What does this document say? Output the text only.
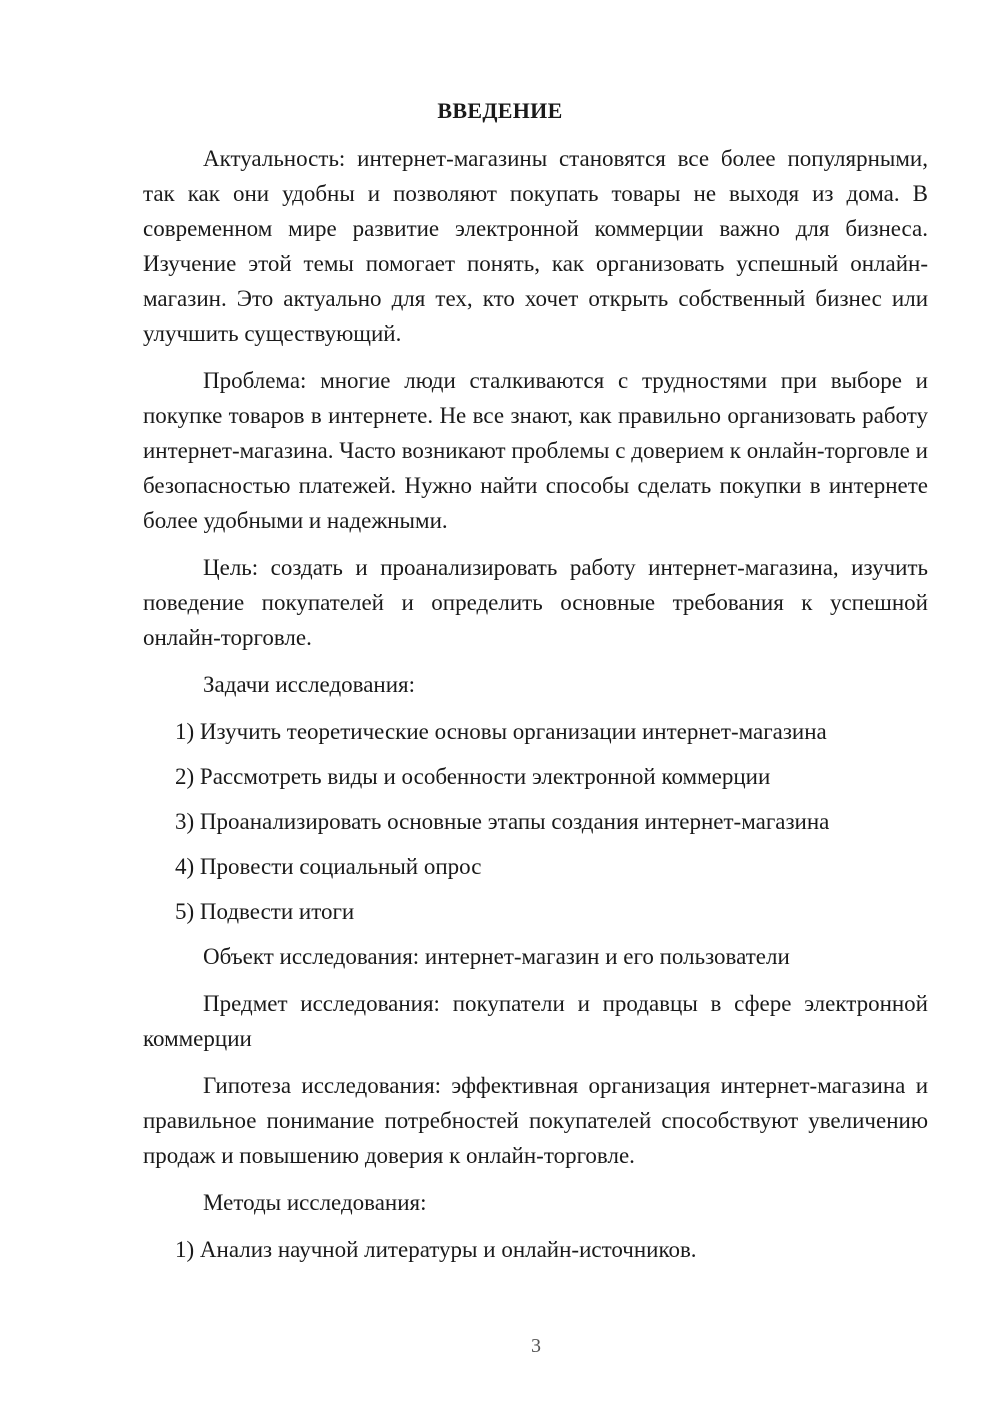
ВВЕДЕНИЕ

Актуальность: интернет-магазины становятся все более популярными, так как они удобны и позволяют покупать товары не выходя из дома. В современном мире развитие электронной коммерции важно для бизнеса. Изучение этой темы помогает понять, как организовать успешный онлайн-магазин. Это актуально для тех, кто хочет открыть собственный бизнес или улучшить существующий.

Проблема: многие люди сталкиваются с трудностями при выборе и покупке товаров в интернете. Не все знают, как правильно организовать работу интернет-магазина. Часто возникают проблемы с доверием к онлайн-торговле и безопасностью платежей. Нужно найти способы сделать покупки в интернете более удобными и надежными.

Цель: создать и проанализировать работу интернет-магазина, изучить поведение покупателей и определить основные требования к успешной онлайн-торговле.

Задачи исследования:

1) Изучить теоретические основы организации интернет-магазина
2) Рассмотреть виды и особенности электронной коммерции
3) Проанализировать основные этапы создания интернет-магазина
4) Провести социальный опрос
5) Подвести итоги

Объект исследования: интернет-магазин и его пользователи

Предмет исследования: покупатели и продавцы в сфере электронной коммерции

Гипотеза исследования: эффективная организация интернет-магазина и правильное понимание потребностей покупателей способствуют увеличению продаж и повышению доверия к онлайн-торговле.

Методы исследования:

1) Анализ научной литературы и онлайн-источников.
3
